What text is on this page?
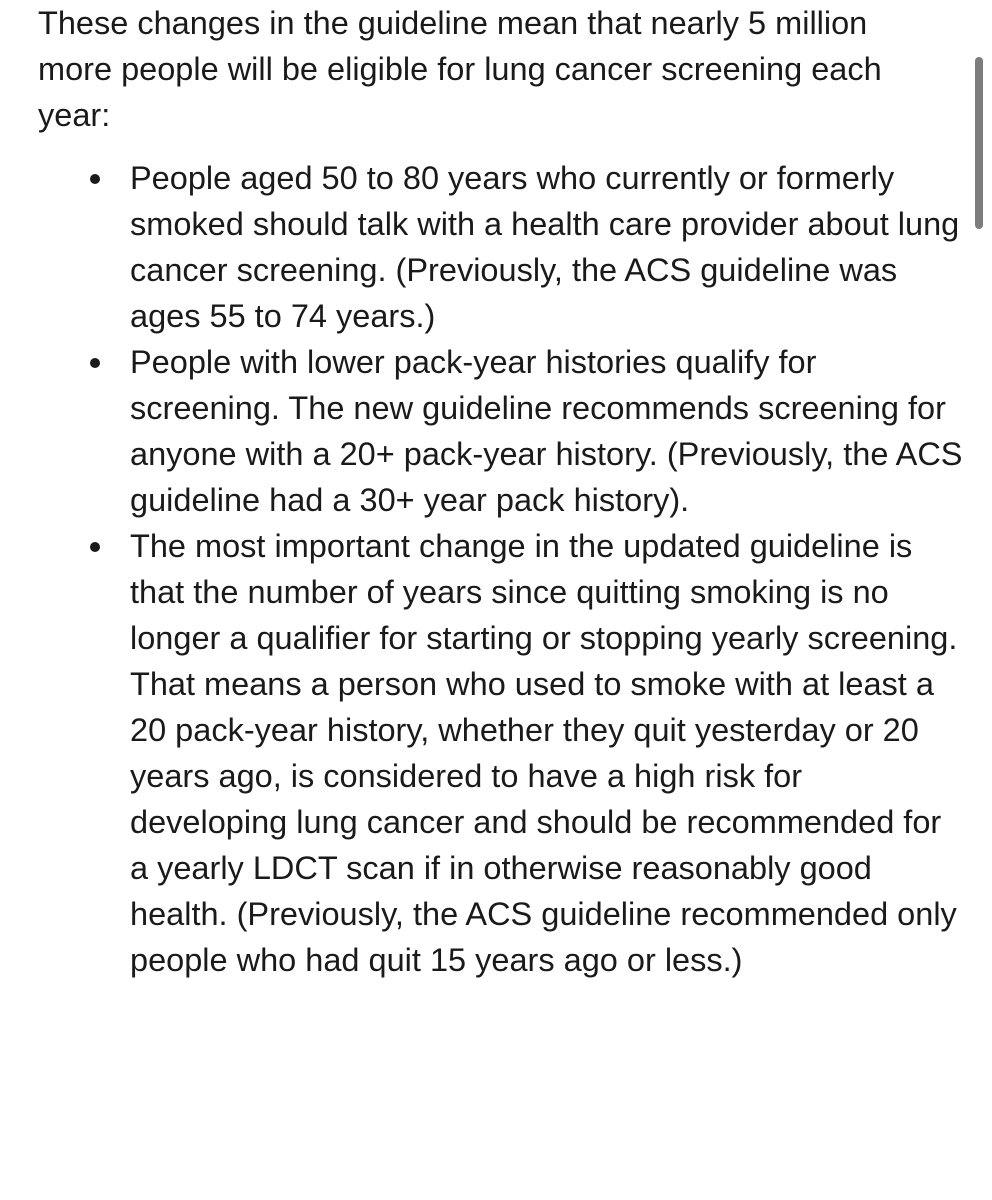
These changes in the guideline mean that nearly 5 million more people will be eligible for lung cancer screening each year:

People aged 50 to 80 years who currently or formerly smoked should talk with a health care provider about lung cancer screening. (Previously, the ACS guideline was ages 55 to 74 years.)
People with lower pack-year histories qualify for screening. The new guideline recommends screening for anyone with a 20+ pack-year history. (Previously, the ACS guideline had a 30+ year pack history).
The most important change in the updated guideline is that the number of years since quitting smoking is no longer a qualifier for starting or stopping yearly screening. That means a person who used to smoke with at least a 20 pack-year history, whether they quit yesterday or 20 years ago, is considered to have a high risk for developing lung cancer and should be recommended for a yearly LDCT scan if in otherwise reasonably good health. (Previously, the ACS guideline recommended only people who had quit 15 years ago or less.)
